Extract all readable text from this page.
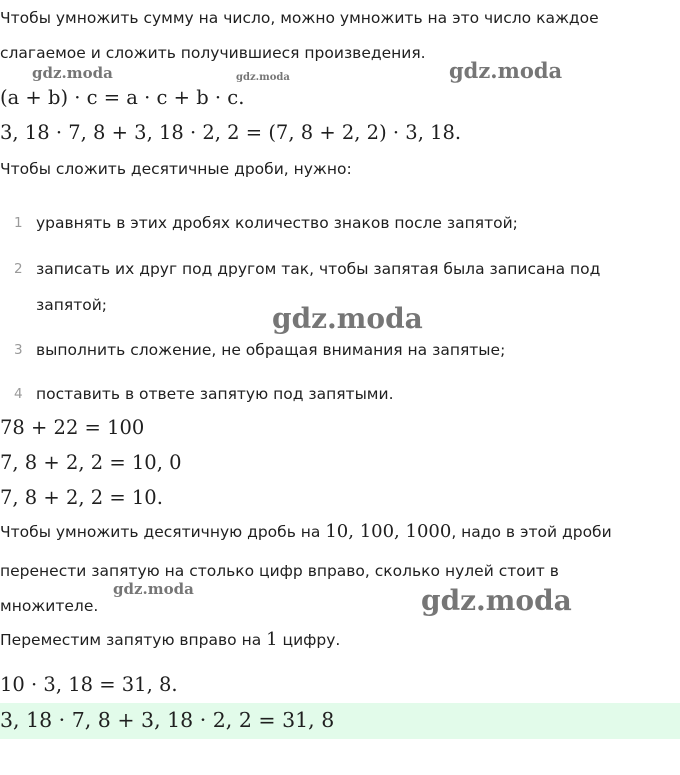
Чтобы умножить сумму на число, можно умножить на это число каждое
слагаемое и сложить получившиеся произведения.
gdz.moda	gdz.moda	gdz.moda
(a + b) · c = a · c + b · c.
3, 18 · 7, 8 + 3, 18 · 2, 2 = (7, 8 + 2, 2) · 3, 18.
Чтобы сложить десятичные дроби, нужно:
1 уравнять в этих дробях количество знаков после запятой;
2 записать их друг под другом так, чтобы запятая была записана под
запятой;	gdz.moda
3 выполнить сложение, не обращая внимания на запятые;
4 поставить в ответе запятую под запятыми.
78 + 22 = 100
7, 8 + 2, 2 = 10, 0
7, 8 + 2, 2 = 10.
Чтобы умножить десятичную дробь на 10, 100, 1000, надо в этой дроби
перенести запятую на столько цифр вправо, сколько нулей стоит в
множителе.
gdz.moda	gdz.moda
Переместим запятую вправо на 1 цифру.
10 · 3, 18 = 31, 8.
3, 18 · 7, 8 + 3, 18 · 2, 2 = 31, 8
